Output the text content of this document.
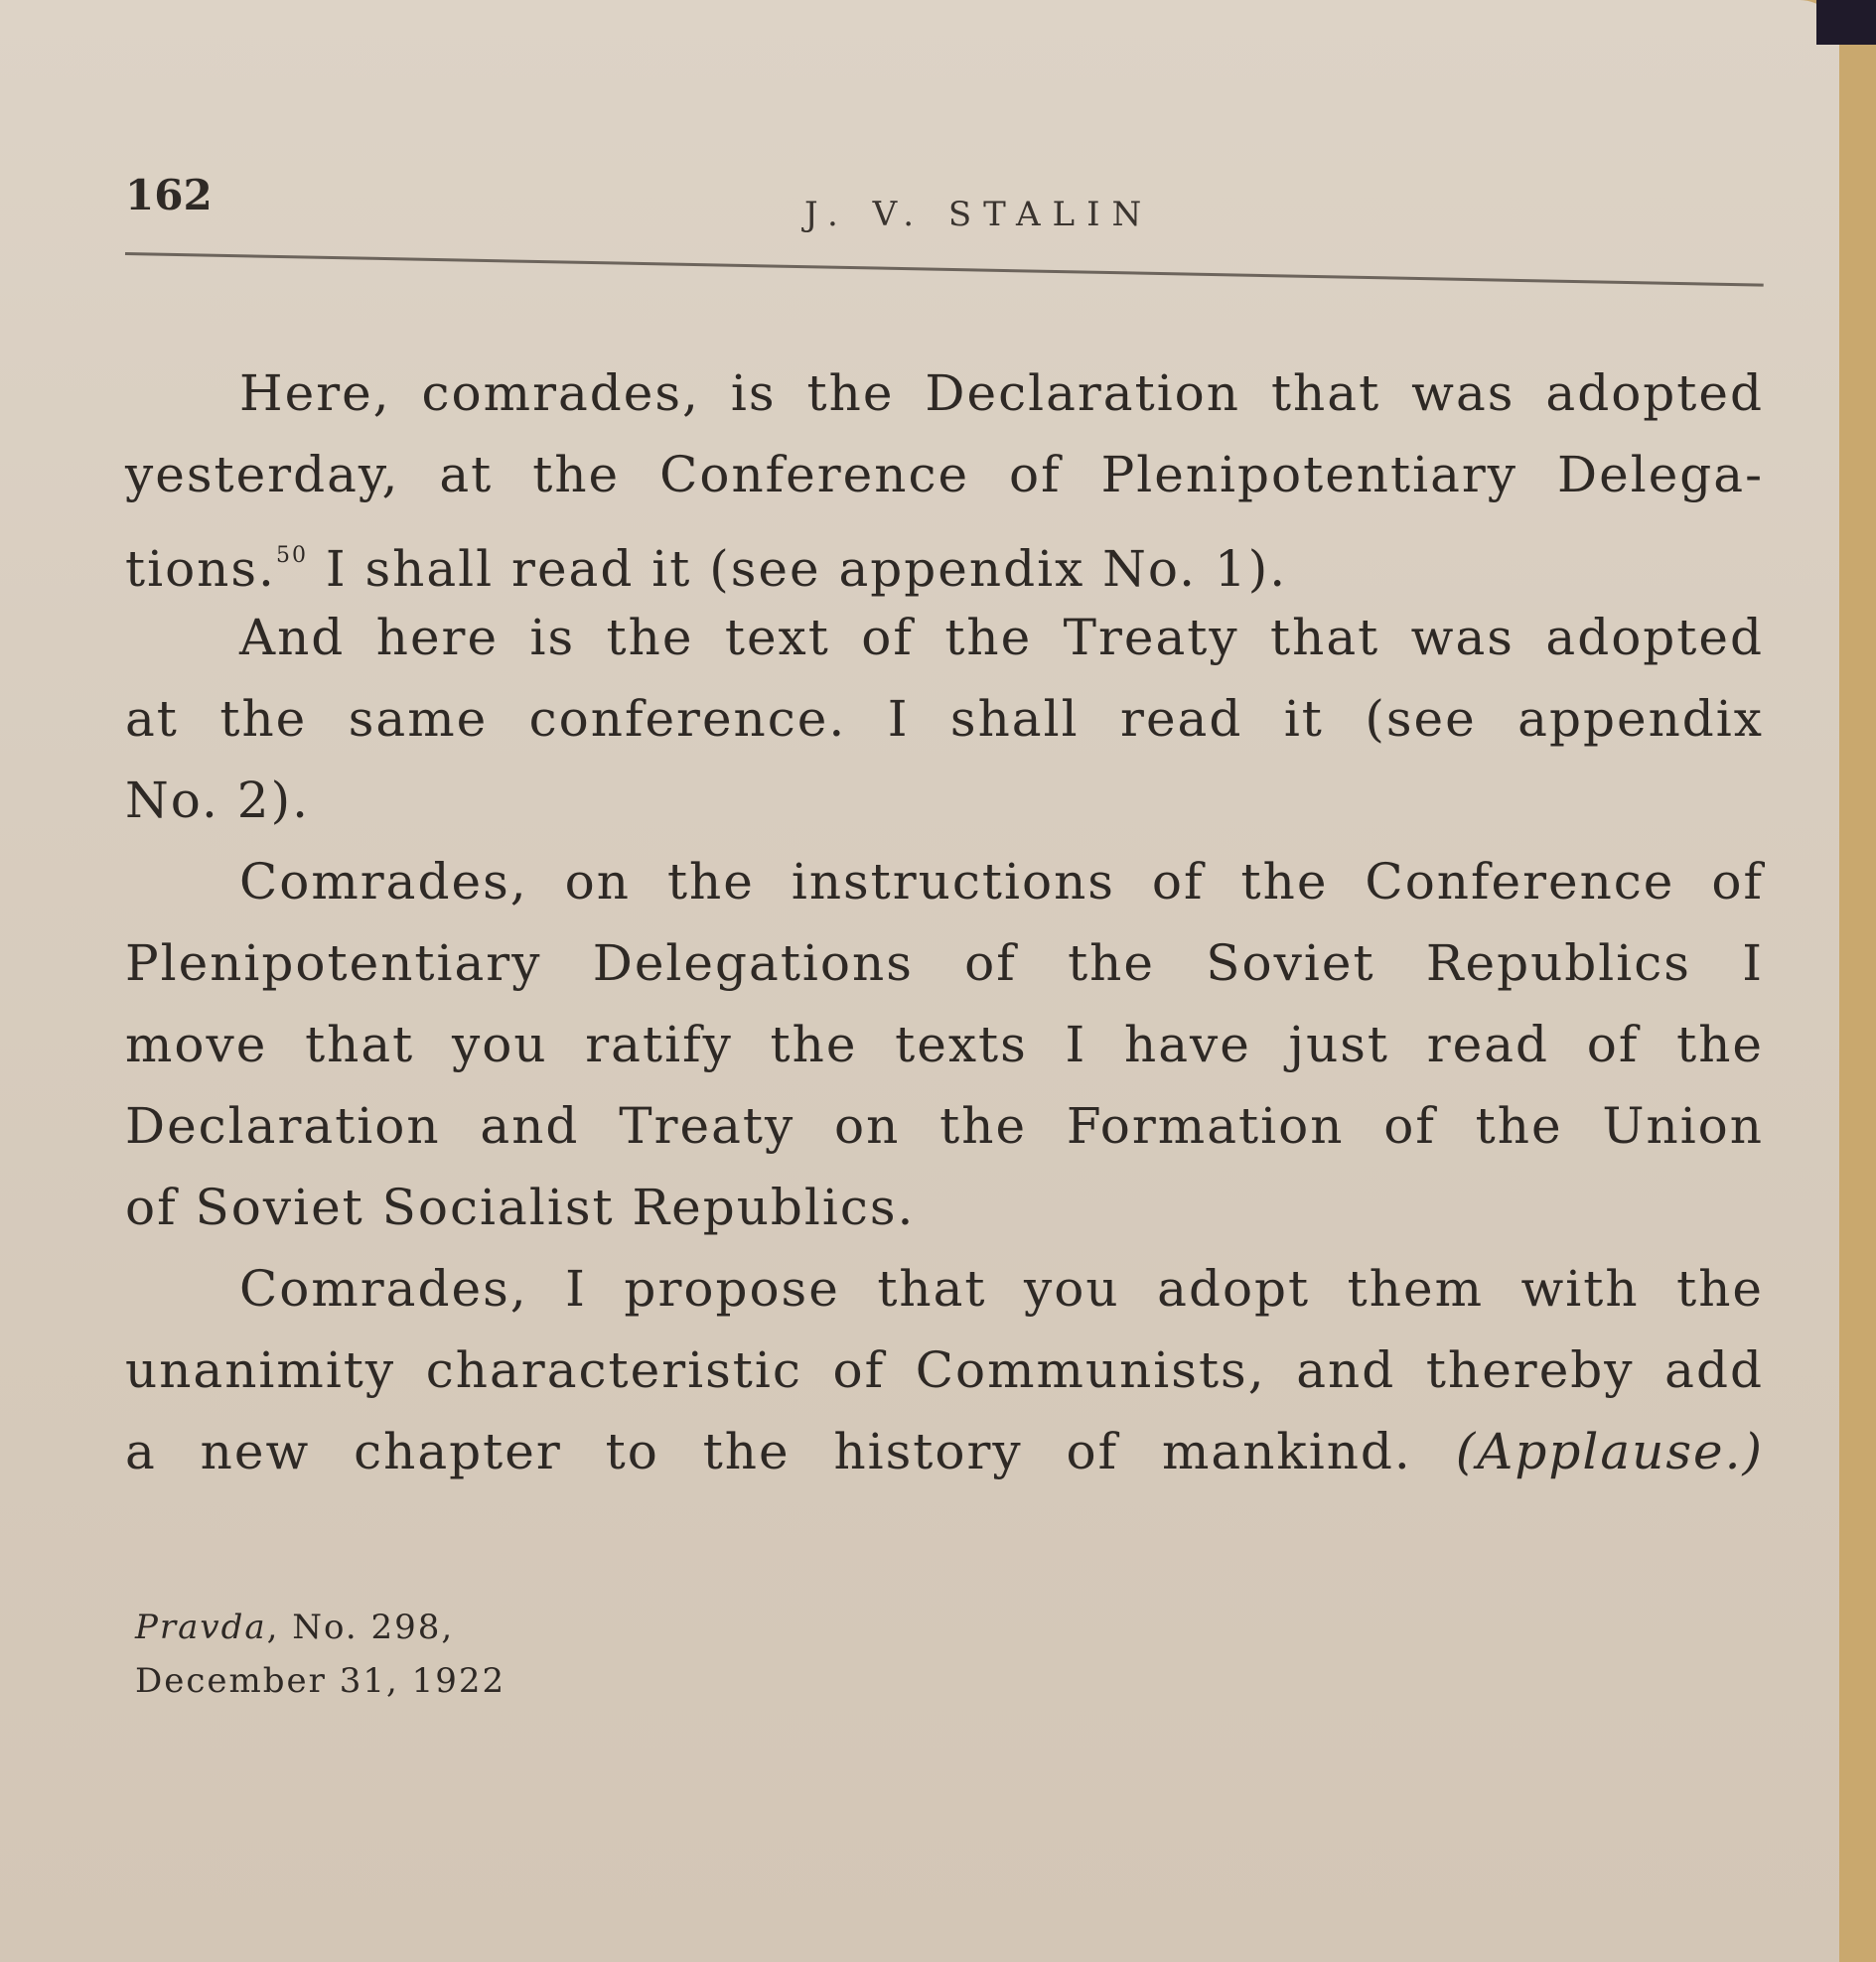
162	J. V. STALIN
Here, comrades, is the Declaration that was adopted
yesterday, at the Conference of Plenipotentiary Delega-
tions.$^{50}$ I shall read it (see appendix No. 1).
And here is the text of the Treaty that was adopted
at the same conference. I shall read it (see appendix
No. 2).
Comrades, on the instructions of the Conference of
Plenipotentiary Delegations of the Soviet Republics I
move that you ratify the texts I have just read of the
Declaration and Treaty on the Formation of the Union
of Soviet Socialist Republics.
Comrades, I propose that you adopt them with the
unanimity characteristic of Communists, and thereby add
a new chapter to the history of mankind. (Applause.)
Pravda, No. 298,
December 31, 1922
